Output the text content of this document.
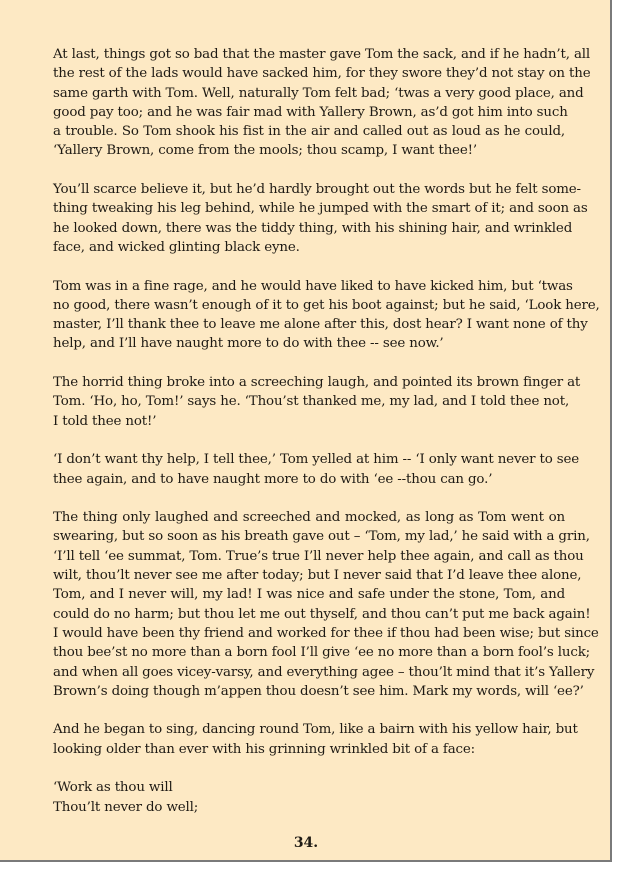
At last, things got so bad that the master gave Tom the sack, and if he hadn’t, all
the rest of the lads would have sacked him, for they swore they’d not stay on the
same garth with Tom. Well, naturally Tom felt bad; ‘twas a very good place, and
good pay too; and he was fair mad with Yallery Brown, as’d got him into such
a trouble. So Tom shook his fist in the air and called out as loud as he could,
‘Yallery Brown, come from the mools; thou scamp, I want thee!’
You’ll scarce believe it, but he’d hardly brought out the words but he felt some-
thing tweaking his leg behind, while he jumped with the smart of it; and soon as
he looked down, there was the tiddy thing, with his shining hair, and wrinkled
face, and wicked glinting black eyne.
Tom was in a fine rage, and he would have liked to have kicked him, but ‘twas
no good, there wasn’t enough of it to get his boot against; but he said, ‘Look here,
master, I’ll thank thee to leave me alone after this, dost hear? I want none of thy
help, and I’ll have naught more to do with thee -- see now.’
The horrid thing broke into a screeching laugh, and pointed its brown finger at
Tom. ‘Ho, ho, Tom!’ says he. ‘Thou’st thanked me, my lad, and I told thee not,
I told thee not!’
‘I don’t want thy help, I tell thee,’ Tom yelled at him -- ‘I only want never to see
thee again, and to have naught more to do with ‘ee --thou can go.’
The thing only laughed and screeched and mocked, as long as Tom went on
swearing, but so soon as his breath gave out – ‘Tom, my lad,’ he said with a grin,
‘I’ll tell ‘ee summat, Tom. True’s true I’ll never help thee again, and call as thou
wilt, thou’lt never see me after today; but I never said that I’d leave thee alone,
Tom, and I never will, my lad! I was nice and safe under the stone, Tom, and
could do no harm; but thou let me out thyself, and thou can’t put me back again!
I would have been thy friend and worked for thee if thou had been wise; but since
thou bee’st no more than a born fool I’ll give ‘ee no more than a born fool’s luck;
and when all goes vicey-varsy, and everything agee – thou’lt mind that it’s Yallery
Brown’s doing though m’appen thou doesn’t see him. Mark my words, will ‘ee?’
And he began to sing, dancing round Tom, like a bairn with his yellow hair, but
looking older than ever with his grinning wrinkled bit of a face:
‘Work as thou will
Thou’lt never do well;
34.
